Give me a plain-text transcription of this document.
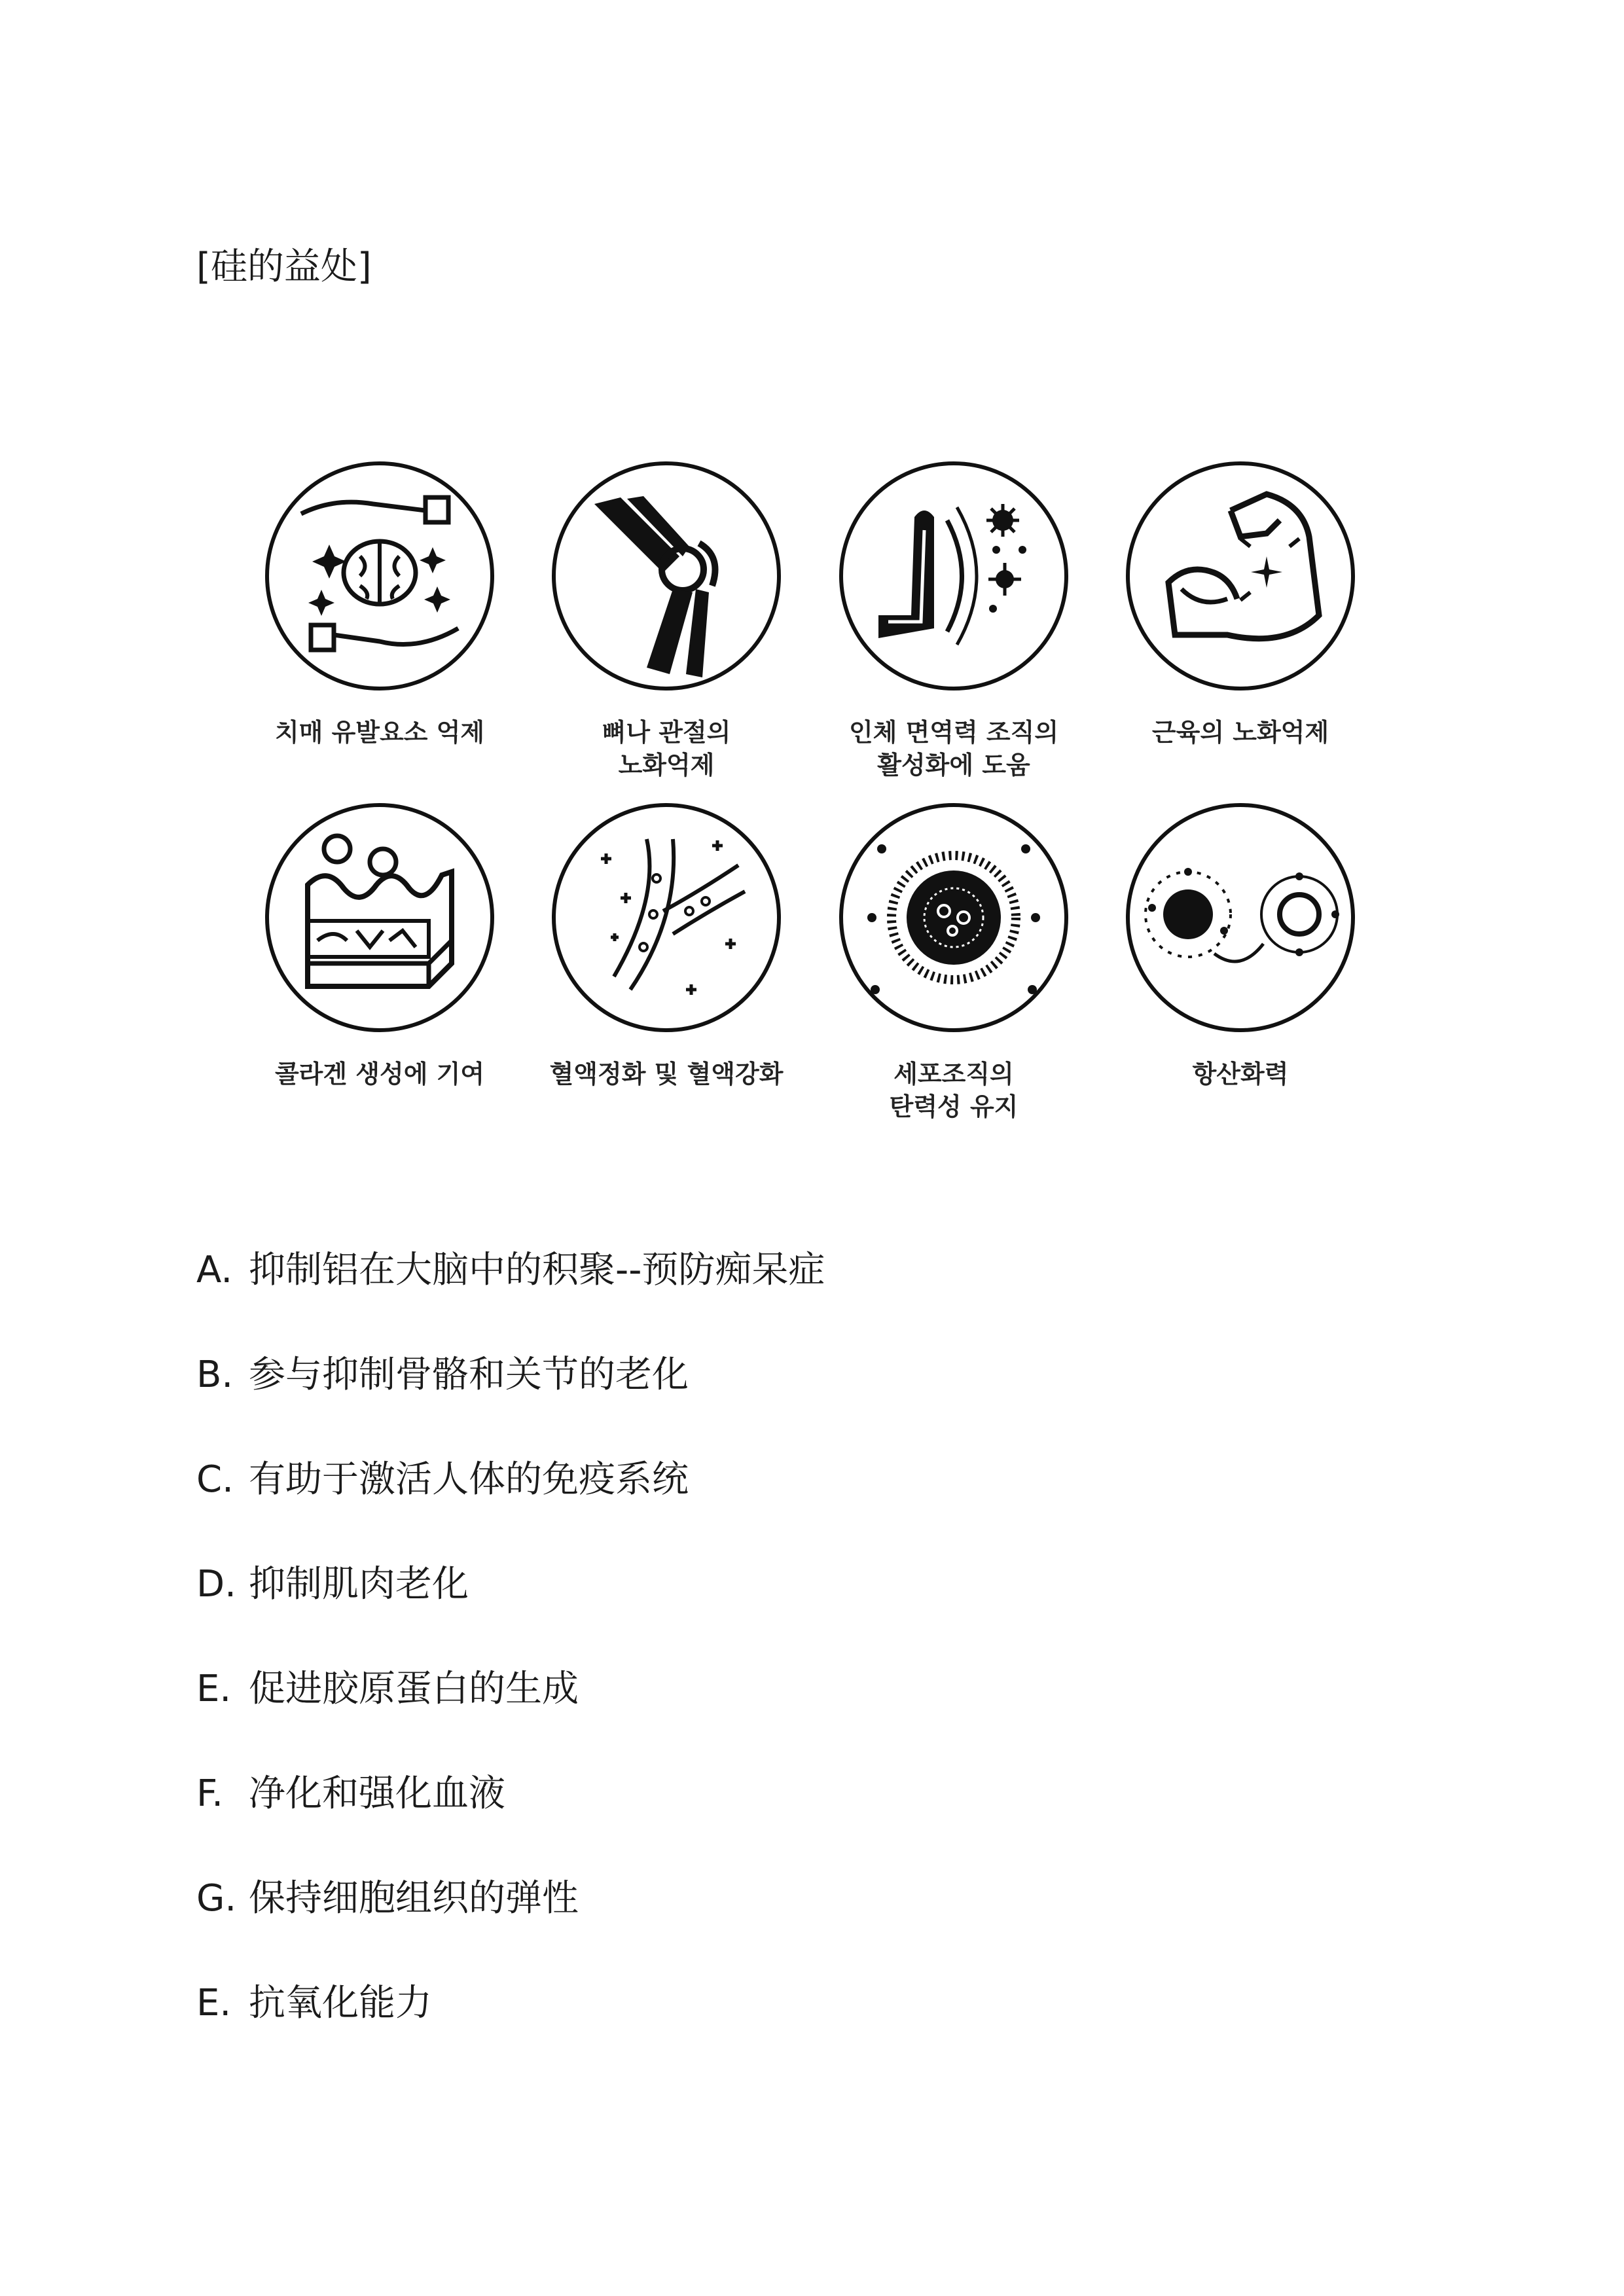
[硅的益处]
치매 유발요소 억제	뼈나 관절의
노화억제
인체 면역력 조직의
활성화에 도움
근육의 노화억제
콜라겐 생성에 기여	혈액정화 및 혈액강화	세포조직의
탄력성 유지
항산화력
A. 抑制铝在大脑中的积聚--预防痴呆症
B. 参与抑制骨骼和关节的老化
C. 有助于激活人体的免疫系统
D. 抑制肌肉老化
E. 促进胶原蛋白的生成
F. 净化和强化血液
G. 保持细胞组织的弹性
E. 抗氧化能力
